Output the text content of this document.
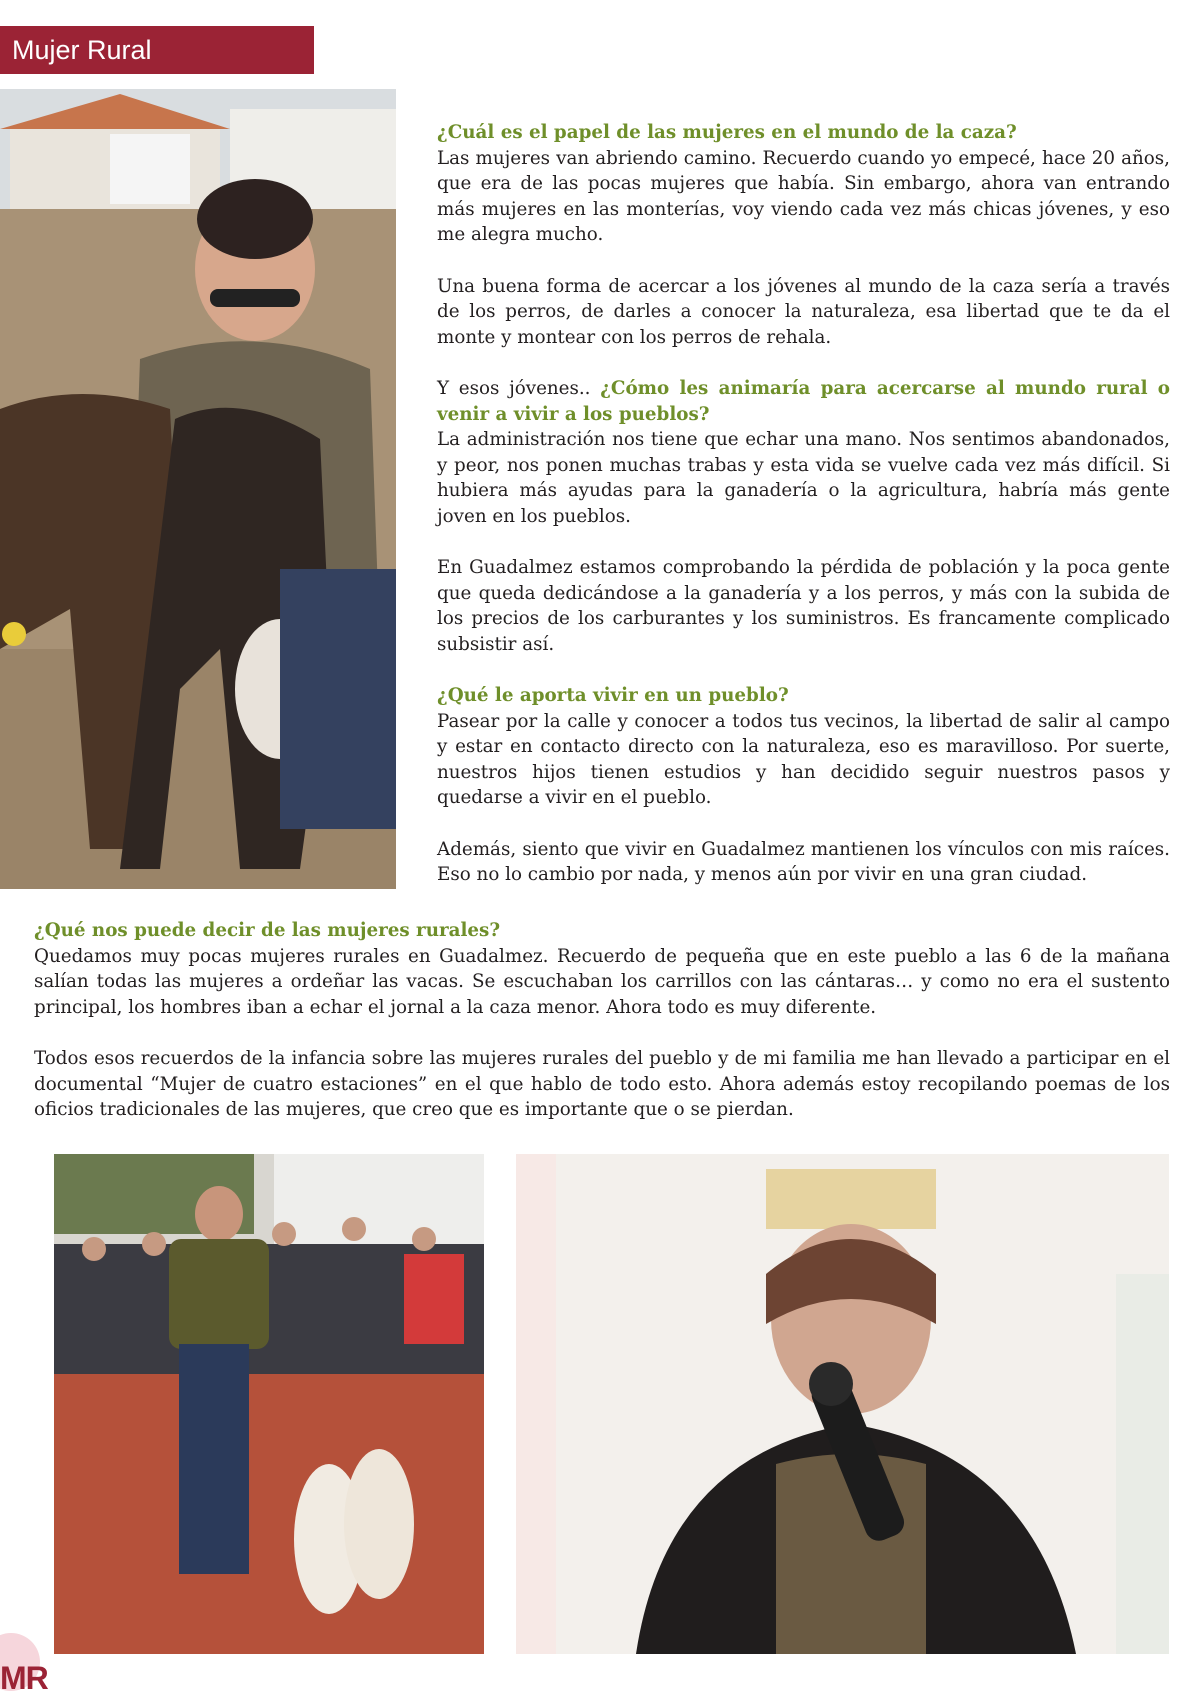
Mujer Rural

¿Cuál es el papel de las mujeres en el mundo de la caza?
Las mujeres van abriendo camino. Recuerdo cuando yo empecé, hace 20 años, que era de las pocas mujeres que había. Sin embargo, ahora van entrando más mujeres en las monterías, voy viendo cada vez más chicas jóvenes, y eso me alegra mucho.

Una buena forma de acercar a los jóvenes al mundo de la caza sería a través de los perros, de darles a conocer la naturaleza, esa libertad que te da el monte y montear con los perros de rehala.

Y esos jóvenes.. ¿Cómo les animaría para acercarse al mundo rural o venir a vivir a los pueblos?
La administración nos tiene que echar una mano. Nos sentimos abandonados, y peor, nos ponen muchas trabas y esta vida se vuelve cada vez más difícil. Si hubiera más ayudas para la ganadería o la agricultura, habría más gente joven en los pueblos.

En Guadalmez estamos comprobando la pérdida de población y la poca gente que queda dedicándose a la ganadería y a los perros, y más con la subida de los precios de los carburantes y los suministros. Es francamente complicado subsistir así.

¿Qué le aporta vivir en un pueblo?
Pasear por la calle y conocer a todos tus vecinos, la libertad de salir al campo y estar en contacto directo con la naturaleza, eso es maravilloso. Por suerte, nuestros hijos tienen estudios y han decidido seguir nuestros pasos y quedarse a vivir en el pueblo.

Además, siento que vivir en Guadalmez mantienen los vínculos con mis raíces. Eso no lo cambio por nada, y menos aún por vivir en una gran ciudad.

¿Qué nos puede decir de las mujeres rurales?
Quedamos muy pocas mujeres rurales en Guadalmez. Recuerdo de pequeña que en este pueblo a las 6 de la mañana salían todas las mujeres a ordeñar las vacas. Se escuchaban los carrillos con las cántaras… y como no era el sustento principal, los hombres iban a echar el jornal a la caza menor. Ahora todo es muy diferente.

Todos esos recuerdos de la infancia sobre las mujeres rurales del pueblo y de mi familia me han llevado a participar en el documental “Mujer de cuatro estaciones” en el que hablo de todo esto. Ahora además estoy recopilando poemas de los oficios tradicionales de las mujeres, que creo que es importante que o se pierdan.

MR
